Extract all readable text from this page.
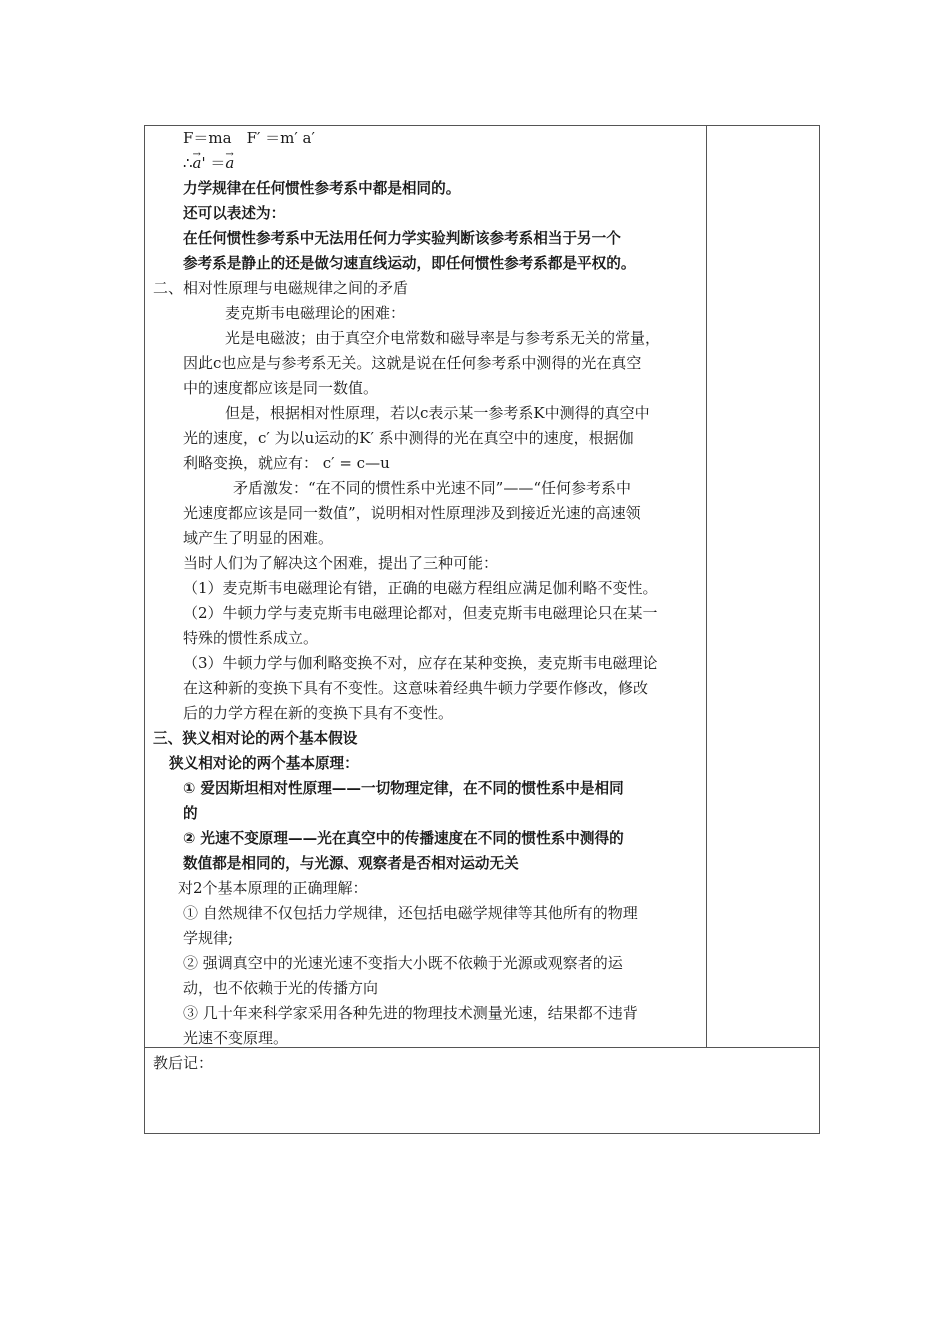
F＝ma　F′ ＝m′ a′
∴→ a' ＝→ a
力学规律在任何惯性参考系中都是相同的。
还可以表述为：
在任何惯性参考系中无法用任何力学实验判断该参考系相当于另一个
参考系是静止的还是做匀速直线运动，即任何惯性参考系都是平权的。
二、相对性原理与电磁规律之间的矛盾
麦克斯韦电磁理论的困难：
光是电磁波；由于真空介电常数和磁导率是与参考系无关的常量，
因此c也应是与参考系无关。这就是说在任何参考系中测得的光在真空
中的速度都应该是同一数值。
但是，根据相对性原理，若以c表示某一参考系K中测得的真空中
光的速度，c′ 为以u运动的K′ 系中测得的光在真空中的速度，根据伽
利略变换，就应有： c′ = c—u
矛盾激发：“在不同的惯性系中光速不同”——“任何参考系中
光速度都应该是同一数值”，说明相对性原理涉及到接近光速的高速领
域产生了明显的困难。
当时人们为了解决这个困难，提出了三种可能：
（1）麦克斯韦电磁理论有错，正确的电磁方程组应满足伽利略不变性。
（2）牛顿力学与麦克斯韦电磁理论都对，但麦克斯韦电磁理论只在某一
特殊的惯性系成立。
（3）牛顿力学与伽利略变换不对，应存在某种变换，麦克斯韦电磁理论
在这种新的变换下具有不变性。这意味着经典牛顿力学要作修改，修改
后的力学方程在新的变换下具有不变性。
三、狭义相对论的两个基本假设
狭义相对论的两个基本原理：
① 爱因斯坦相对性原理——一切物理定律，在不同的惯性系中是相同
的
② 光速不变原理——光在真空中的传播速度在不同的惯性系中测得的
数值都是相同的，与光源、观察者是否相对运动无关
对2个基本原理的正确理解：
① 自然规律不仅包括力学规律，还包括电磁学规律等其他所有的物理
学规律;
② 强调真空中的光速光速不变指大小既不依赖于光源或观察者的运
动，也不依赖于光的传播方向
③ 几十年来科学家采用各种先进的物理技术测量光速，结果都不违背
光速不变原理。
教后记：
